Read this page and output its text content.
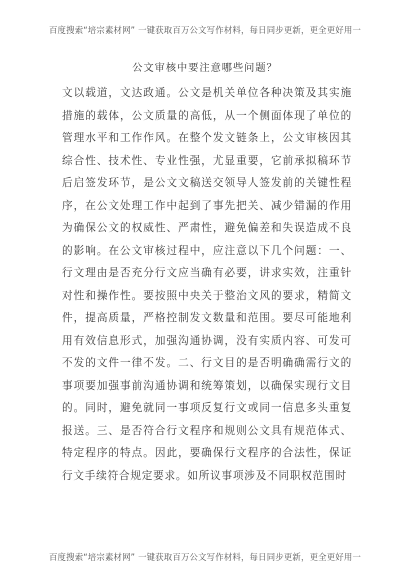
百度搜索“培宗素材网” 一键获取百万公文写作材料，每日同步更新，更全更好用一
公文审核中要注意哪些问题？

文以载道，文达政通。公文是机关单位各种决策及其实施措施的载体，公文质量的高低，从一个侧面体现了单位的管理水平和工作作风。在整个发文链条上，公文审核因其综合性、技术性、专业性强，尤显重要，它前承拟稿环节后启签发环节，是公文文稿送交领导人签发前的关键性程序，在公文处理工作中起到了事先把关、减少错漏的作用为确保公文的权威性、严肃性，避免偏差和失误造成不良的影响。在公文审核过程中，应注意以下几个问题：一、行文理由是否充分行文应当确有必要，讲求实效，注重针对性和操作性。要按照中央关于整治文风的要求，精简文件，提高质量，严格控制发文数量和范围。要尽可能地利用有效信息形式，加强沟通协调，没有实质内容、可发可不发的文件一律不发。二、行文目的是否明确确需行文的事项要加强事前沟通协调和统筹策划，以确保实现行文目的。同时，避免就同一事项反复行文或同一信息多头重复报送。三、是否符合行文程序和规则公文具有规范体式、特定程序的特点。因此，要确保行文程序的合法性，保证行文手续符合规定要求。如所议事项涉及不同职权范围时

百度搜索“培宗素材网” 一键获取百万公文写作材料，每日同步更新，更全更好用一
